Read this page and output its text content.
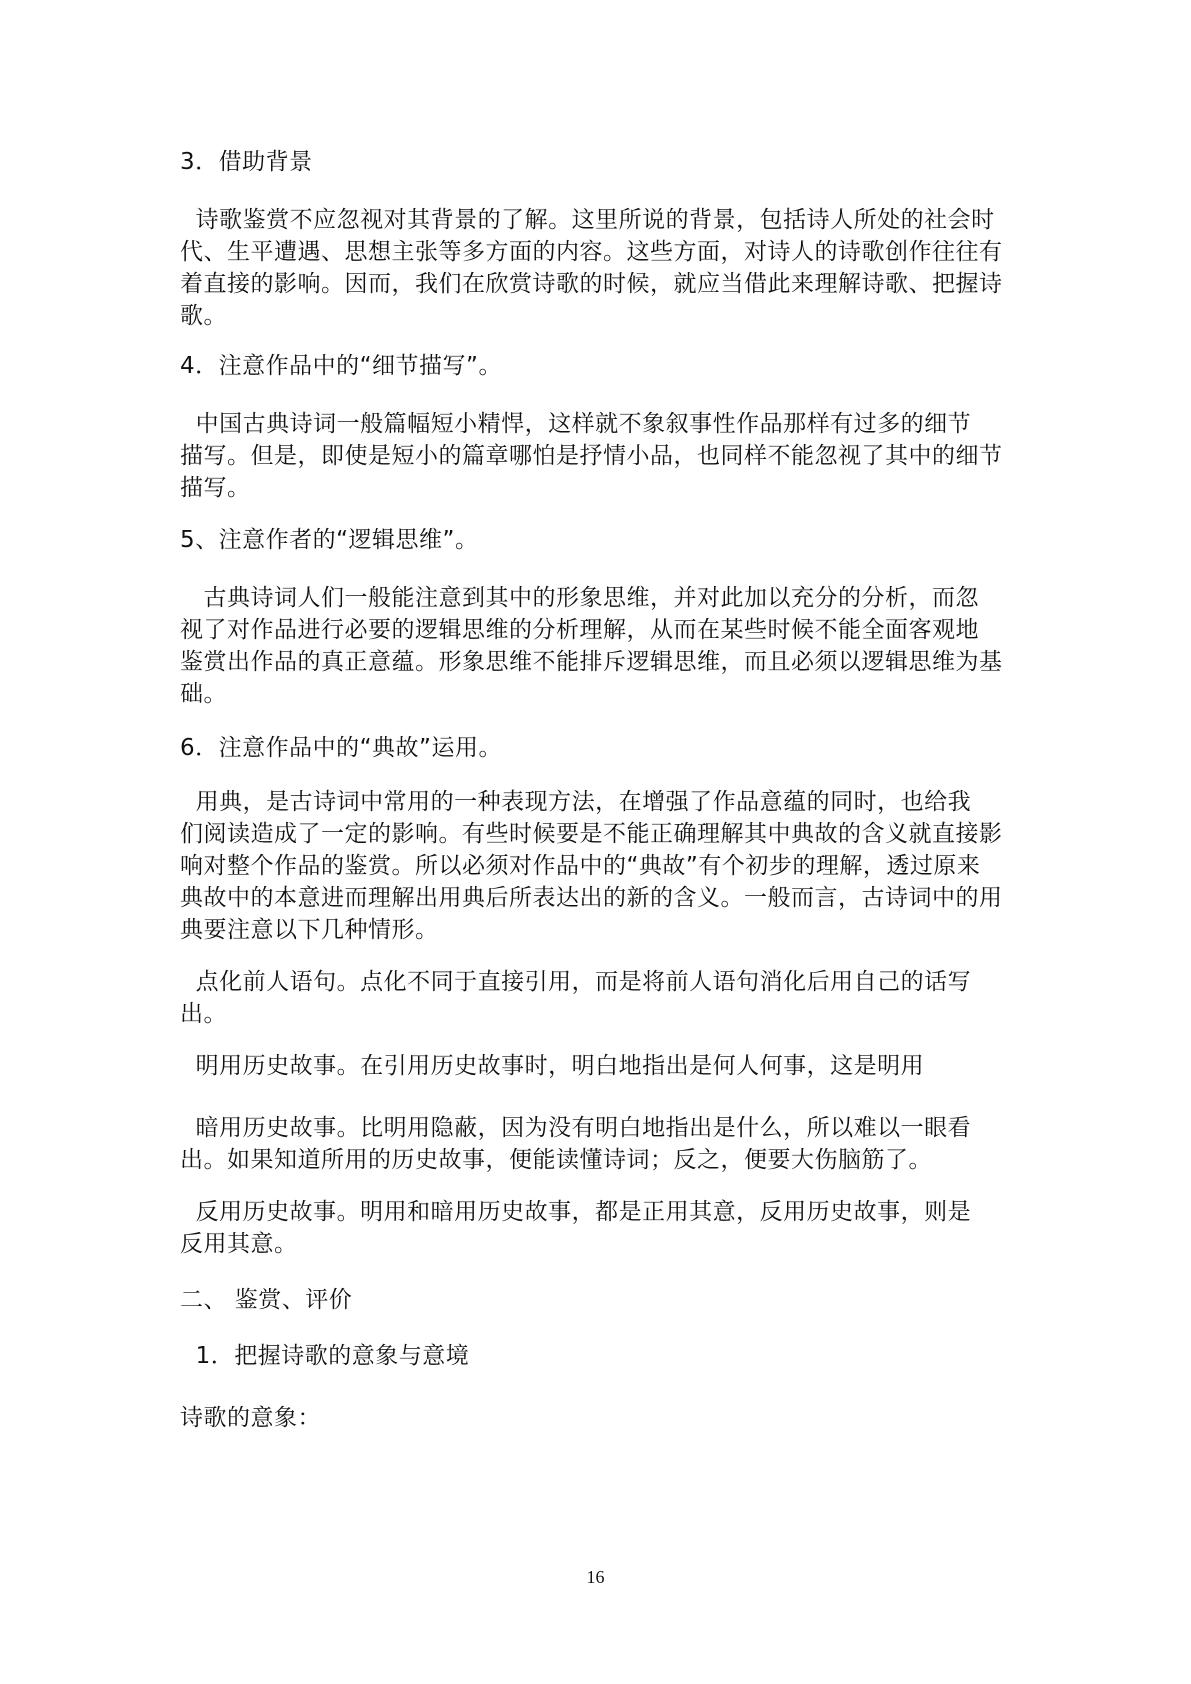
3．借助背景
诗歌鉴赏不应忽视对其背景的了解。这里所说的背景，包括诗人所处的社会时
代、生平遭遇、思想主张等多方面的内容。这些方面，对诗人的诗歌创作往往有
着直接的影响。因而，我们在欣赏诗歌的时候，就应当借此来理解诗歌、把握诗
歌。
4．注意作品中的“细节描写”。
中国古典诗词一般篇幅短小精悍，这样就不象叙事性作品那样有过多的细节
描写。但是，即使是短小的篇章哪怕是抒情小品，也同样不能忽视了其中的细节
描写。
5、注意作者的“逻辑思维”。
古典诗词人们一般能注意到其中的形象思维，并对此加以充分的分析，而忽
视了对作品进行必要的逻辑思维的分析理解，从而在某些时候不能全面客观地
鉴赏出作品的真正意蕴。形象思维不能排斥逻辑思维，而且必须以逻辑思维为基
础。
6．注意作品中的“典故”运用。
用典，是古诗词中常用的一种表现方法，在增强了作品意蕴的同时，也给我
们阅读造成了一定的影响。有些时候要是不能正确理解其中典故的含义就直接影
响对整个作品的鉴赏。所以必须对作品中的“典故”有个初步的理解，透过原来
典故中的本意进而理解出用典后所表达出的新的含义。一般而言，古诗词中的用
典要注意以下几种情形。
点化前人语句。点化不同于直接引用，而是将前人语句消化后用自己的话写
出。
明用历史故事。在引用历史故事时，明白地指出是何人何事，这是明用
暗用历史故事。比明用隐蔽，因为没有明白地指出是什么，所以难以一眼看
出。如果知道所用的历史故事，便能读懂诗词；反之，便要大伤脑筋了。
反用历史故事。明用和暗用历史故事，都是正用其意，反用历史故事，则是
反用其意。
二、 鉴赏、评价
1．把握诗歌的意象与意境
诗歌的意象：
16
